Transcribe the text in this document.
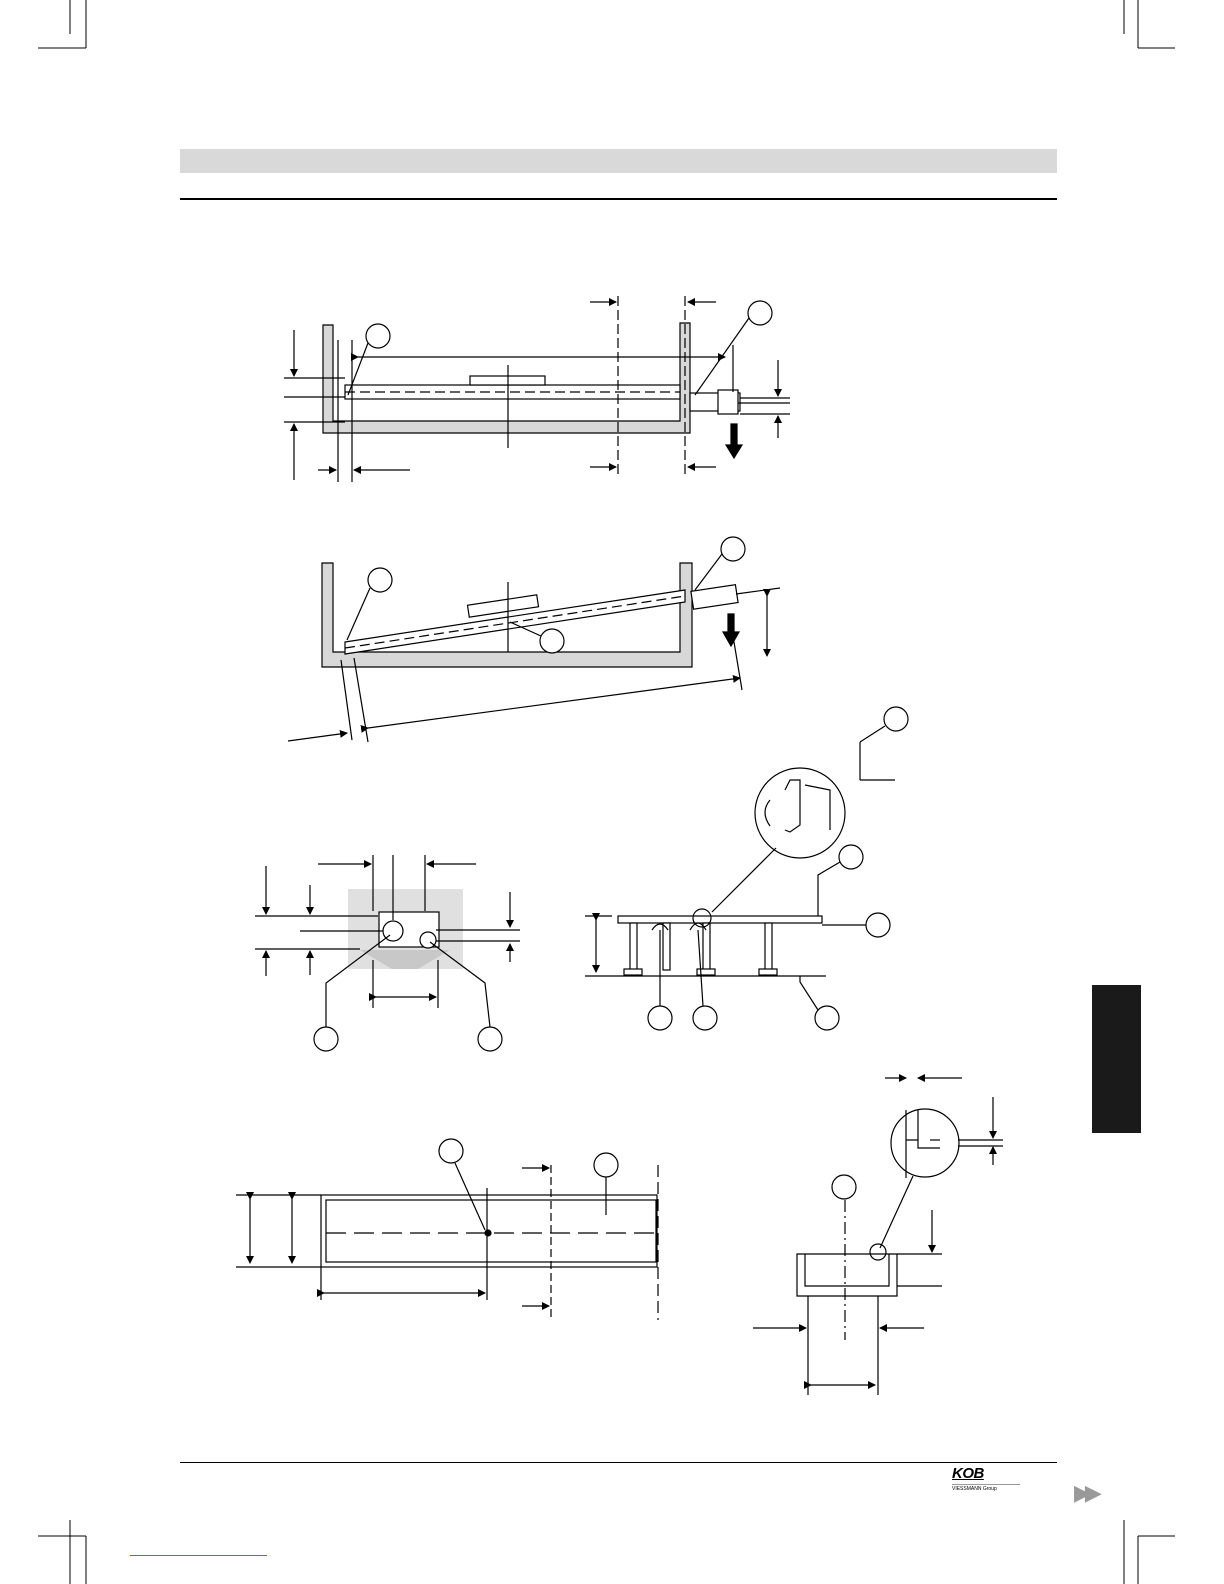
KOB
VIESSMANN Group	▶▶
